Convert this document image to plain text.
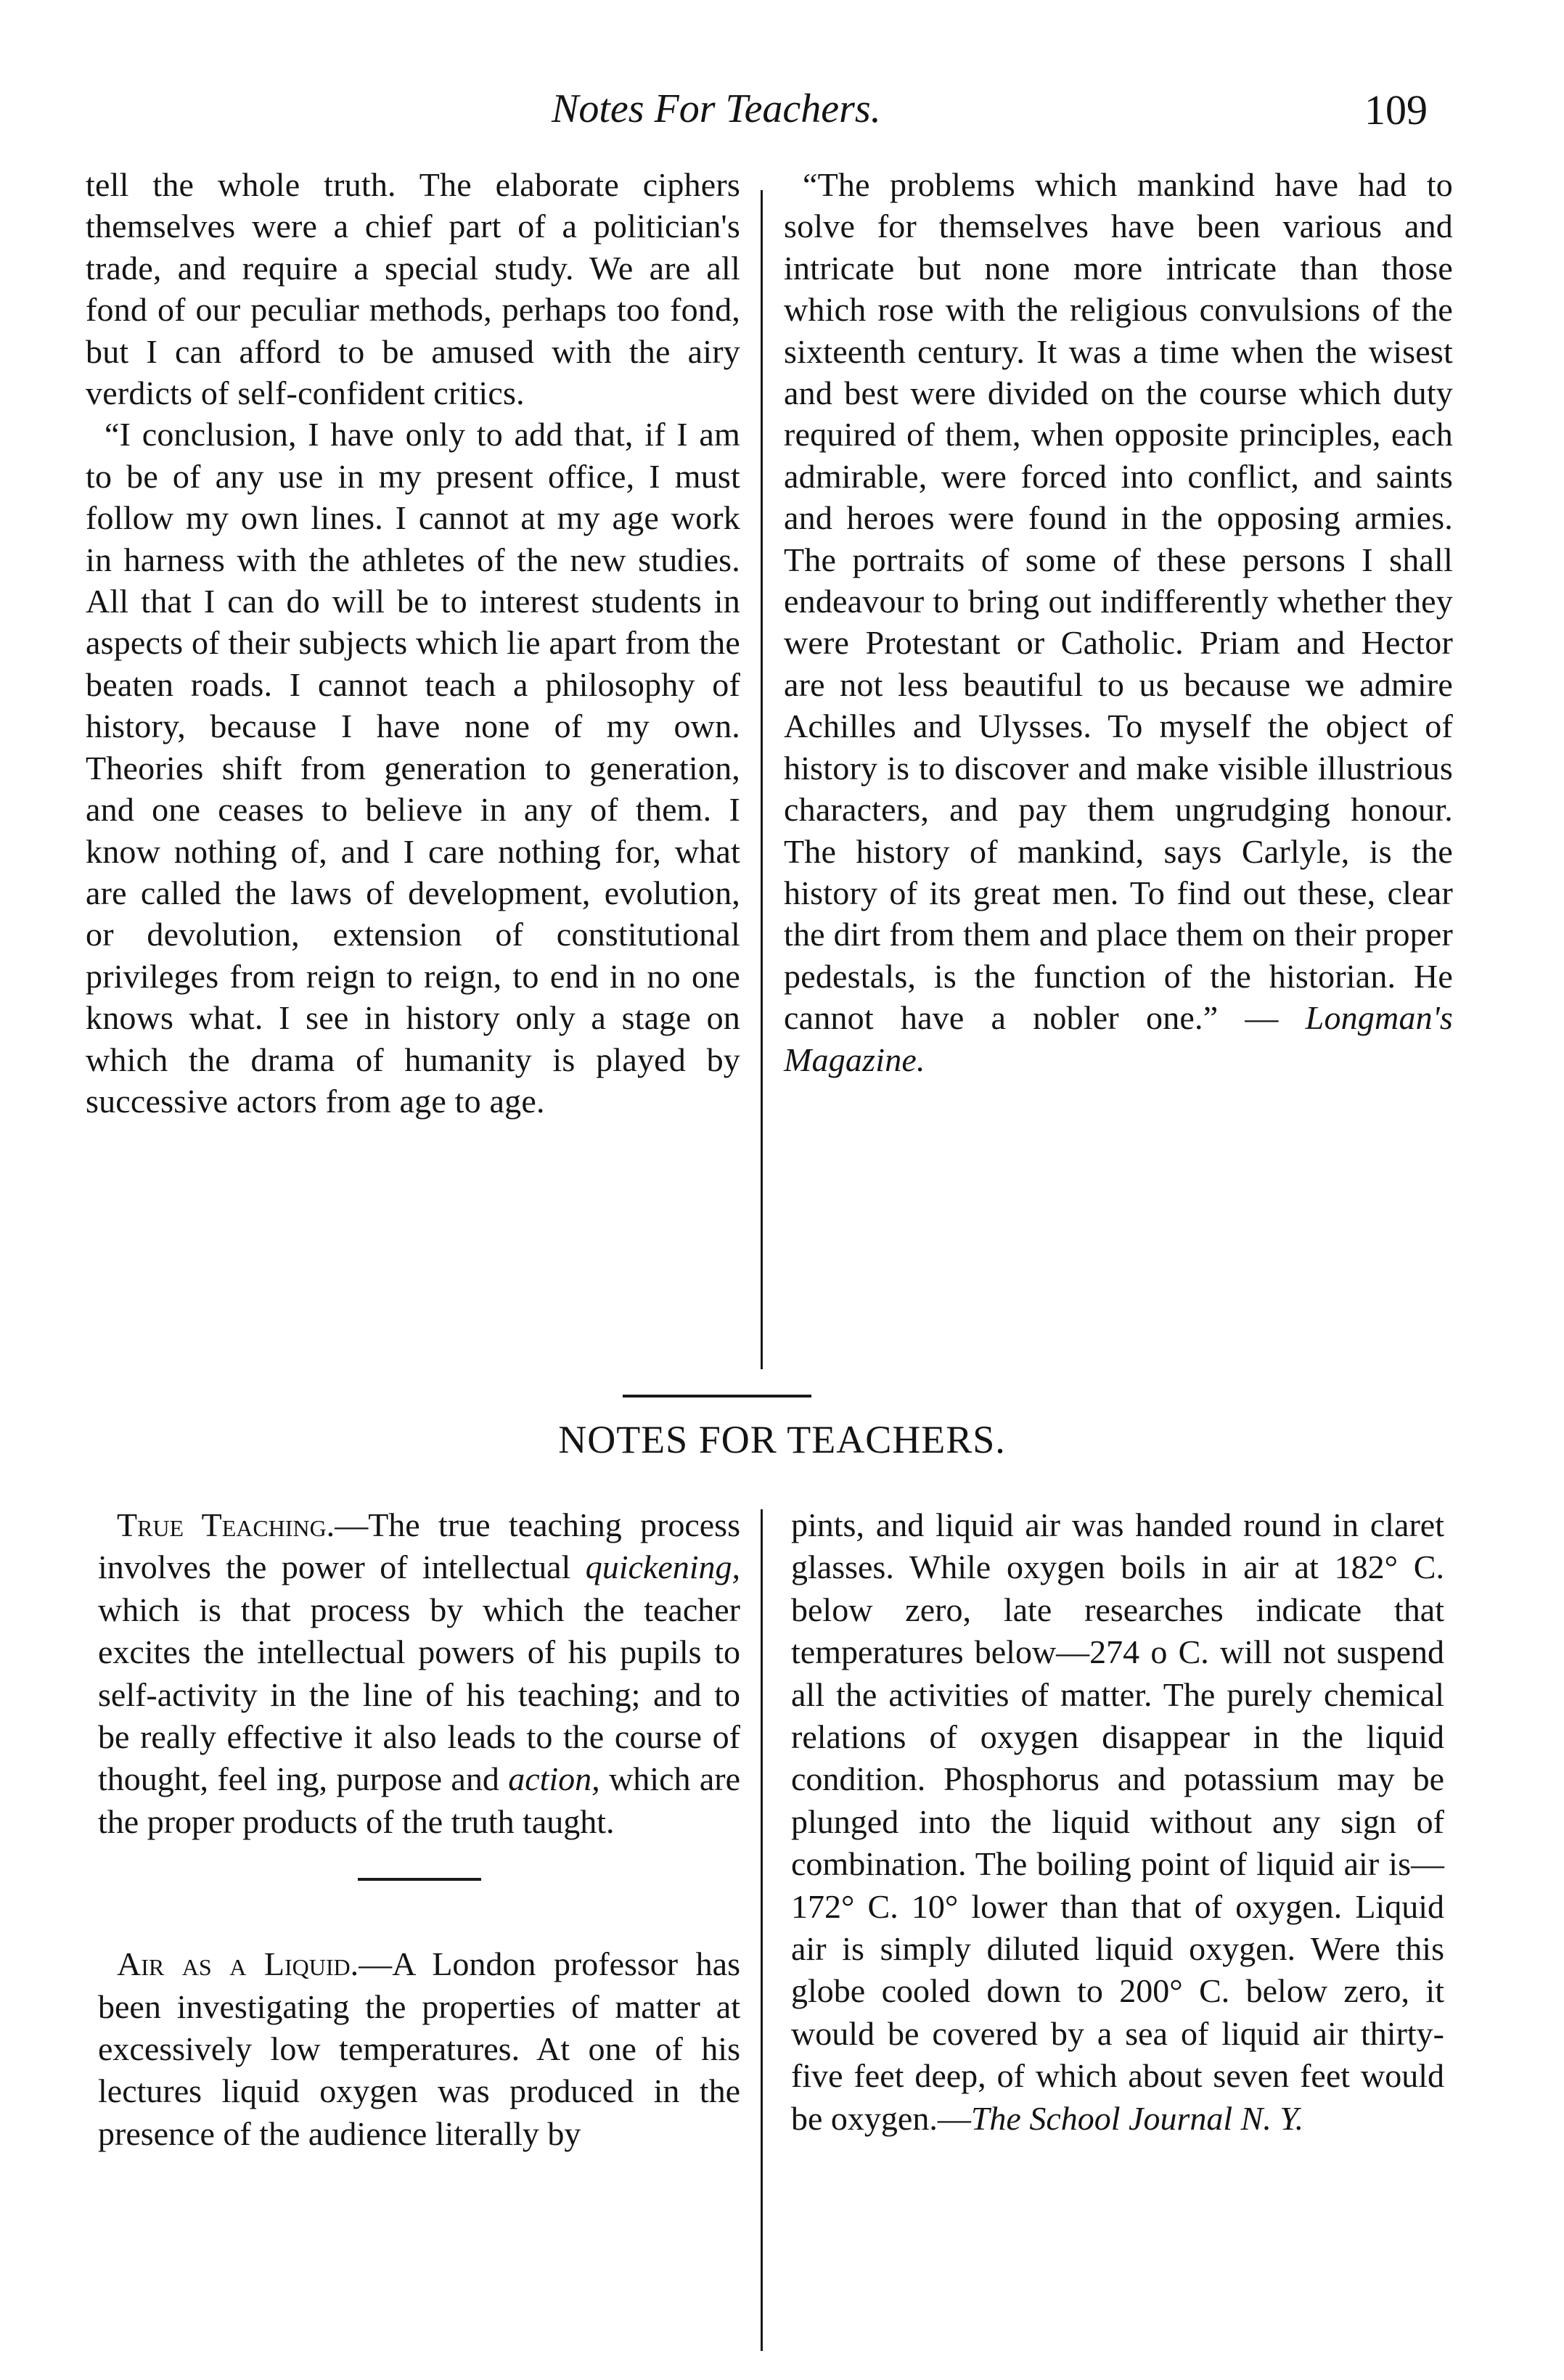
Notes For Teachers.	109

tell the whole truth. The elaborate ciphers themselves were a chief part of a politician's trade, and require a special study. We are all fond of our peculiar methods, perhaps too fond, but I can afford to be amused with the airy verdicts of self-confident critics.

“I conclusion, I have only to add that, if I am to be of any use in my present office, I must follow my own lines. I cannot at my age work in harness with the athletes of the new studies. All that I can do will be to interest students in aspects of their subjects which lie apart from the beaten roads. I cannot teach a philosophy of history, because I have none of my own. Theories shift from generation to generation, and one ceases to believe in any of them. I know nothing of, and I care nothing for, what are called the laws of development, evolution, or devolution, extension of constitutional privileges from reign to reign, to end in no one knows what. I see in history only a stage on which the drama of humanity is played by successive actors from age to age.

“The problems which mankind have had to solve for themselves have been various and intricate but none more intricate than those which rose with the religious convulsions of the sixteenth century. It was a time when the wisest and best were divided on the course which duty required of them, when opposite principles, each admirable, were forced into conflict, and saints and heroes were found in the opposing armies. The portraits of some of these persons I shall endeavour to bring out indifferently whether they were Protestant or Catholic. Priam and Hector are not less beautiful to us because we admire Achilles and Ulysses. To myself the object of history is to discover and make visible illustrious characters, and pay them ungrudging honour. The history of mankind, says Carlyle, is the history of its great men. To find out these, clear the dirt from them and place them on their proper pedestals, is the function of the historian. He cannot have a nobler one.” — Longman's Magazine.

NOTES FOR TEACHERS.

True Teaching.—The true teaching process involves the power of intellectual quickening, which is that process by which the teacher excites the intellectual powers of his pupils to self-activity in the line of his teaching; and to be really effective it also leads to the course of thought, feel ing, purpose and action, which are the proper products of the truth taught.

Air as a Liquid.—A London professor has been investigating the properties of matter at excessively low temperatures. At one of his lectures liquid oxygen was produced in the presence of the audience literally by

pints, and liquid air was handed round in claret glasses. While oxygen boils in air at 182° C. below zero, late researches indicate that temperatures below—274 o C. will not suspend all the activities of matter. The purely chemical relations of oxygen disappear in the liquid condition. Phosphorus and potassium may be plunged into the liquid without any sign of combination. The boiling point of liquid air is—172° C. 10° lower than that of oxygen. Liquid air is simply diluted liquid oxygen. Were this globe cooled down to 200° C. below zero, it would be covered by a sea of liquid air thirty-five feet deep, of which about seven feet would be oxygen.—The School Journal N. Y.
